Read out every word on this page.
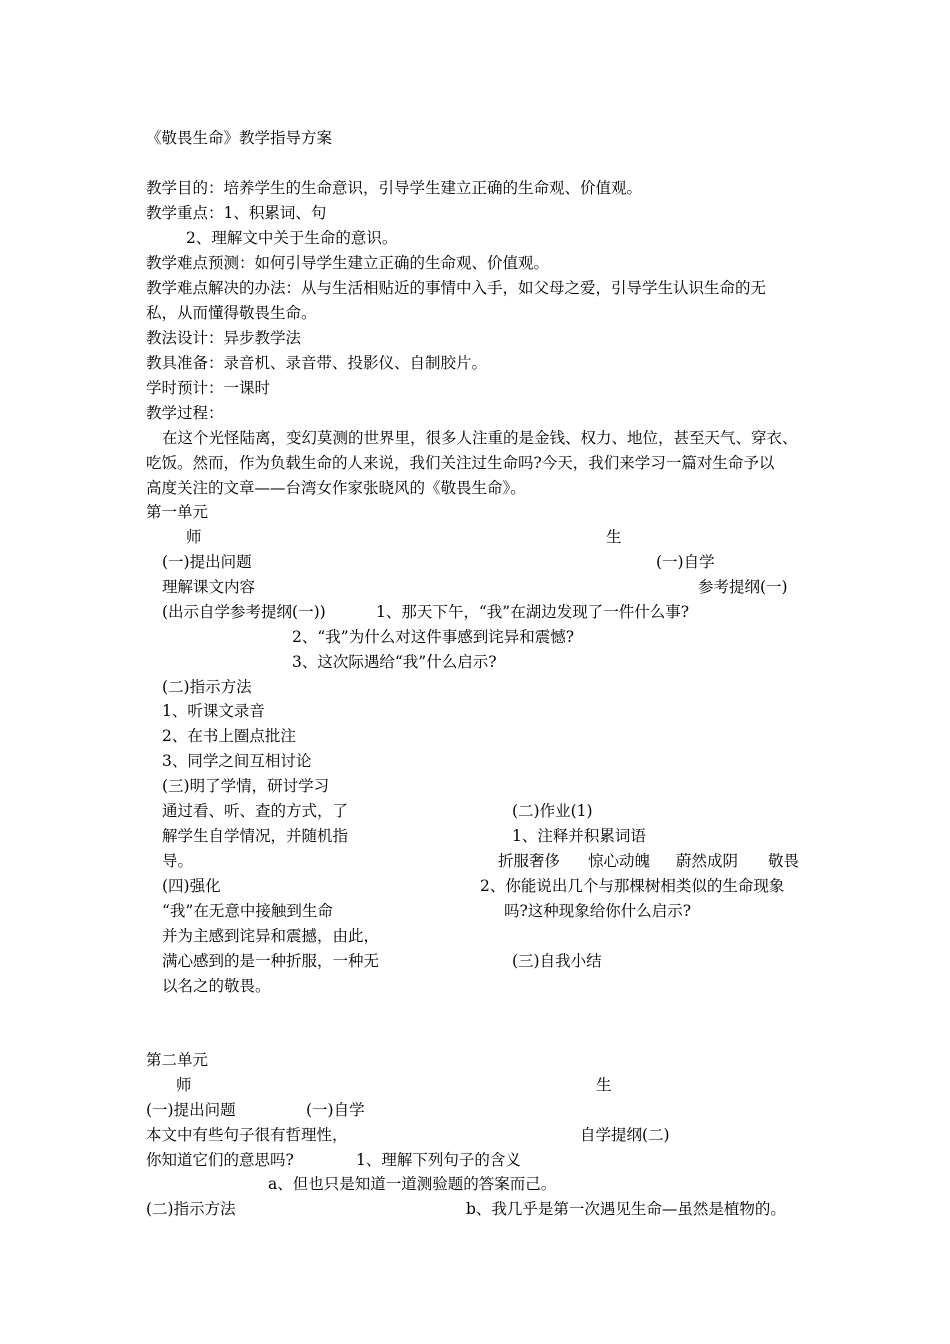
《敬畏生命》教学指导方案
教学目的：培养学生的生命意识，引导学生建立正确的生命观、价值观。
教学重点：1、积累词、句
2、理解文中关于生命的意识。
教学难点预测：如何引导学生建立正确的生命观、价值观。
教学难点解决的办法：从与生活相贴近的事情中入手，如父母之爱，引导学生认识生命的无
私，从而懂得敬畏生命。
教法设计：异步教学法
教具准备：录音机、录音带、投影仪、自制胶片。
学时预计：一课时
教学过程：
在这个光怪陆离，变幻莫测的世界里，很多人注重的是金钱、权力、地位，甚至天气、穿衣、
吃饭。然而，作为负载生命的人来说，我们关注过生命吗?今天，我们来学习一篇对生命予以
高度关注的文章——台湾女作家张晓风的《敬畏生命》。
第一单元
师	生
(一)提出问题	(一)自学
理解课文内容	参考提纲(一)
(出示自学参考提纲(一))	1、那天下午，“我”在湖边发现了一件什么事?
2、“我”为什么对这件事感到诧异和震憾?
3、这次际遇给“我”什么启示?
(二)指示方法
1、听课文录音
2、在书上圈点批注
3、同学之间互相讨论
(三)明了学情，研讨学习
通过看、听、查的方式，了	(二)作业(1)
解学生自学情况，并随机指	1、注释并积累词语
导。	折服奢侈 惊心动魄 蔚然成阴 敬畏
(四)强化	2、你能说出几个与那棵树相类似的生命现象
“我”在无意中接触到生命	吗?这种现象给你什么启示?
并为主感到诧异和震撼，由此，
满心感到的是一种折服，一种无	(三)自我小结
以名之的敬畏。
第二单元
师	生
(一)提出问题	(一)自学
本文中有些句子很有哲理性，	自学提纲(二)
你知道它们的意思吗?	1、理解下列句子的含义
a、但也只是知道一道测验题的答案而己。
(二)指示方法	b、我几乎是第一次遇见生命—虽然是植物的。
